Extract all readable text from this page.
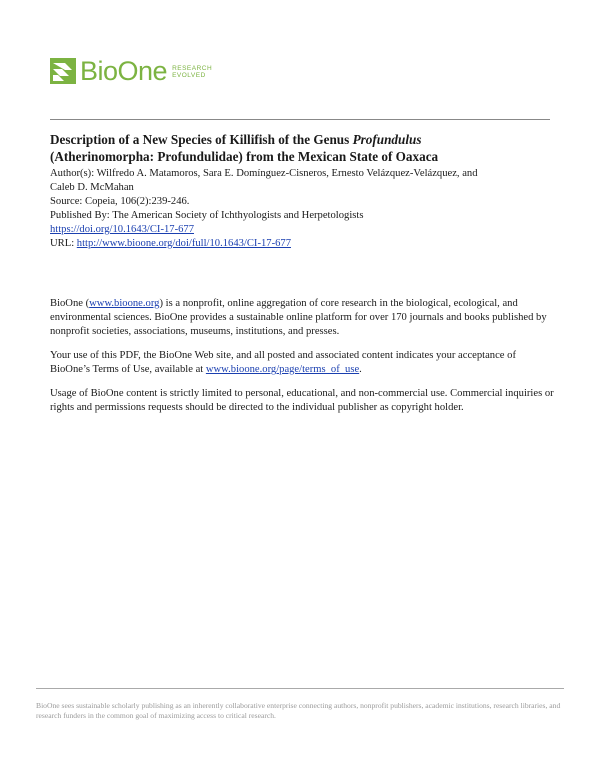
BioOne RESEARCH
EVOLVED
Description of a New Species of Killifish of the Genus Profundulus
(Atherinomorpha: Profundulidae) from the Mexican State of Oaxaca

Author(s): Wilfredo A. Matamoros, Sara E. Domínguez-Cisneros, Ernesto Velázquez-Velázquez, and
Caleb D. McMahan

Source: Copeia, 106(2):239-246.

Published By: The American Society of Ichthyologists and Herpetologists

https://doi.org/10.1643/CI-17-677

URL: http://www.bioone.org/doi/full/10.1643/CI-17-677

BioOne (www.bioone.org) is a nonprofit, online aggregation of core research in the biological, ecological, and environmental sciences. BioOne provides a sustainable online platform for over 170 journals and books published by nonprofit societies, associations, museums, institutions, and presses.

Your use of this PDF, the BioOne Web site, and all posted and associated content indicates your acceptance of BioOne’s Terms of Use, available at www.bioone.org/page/terms_of_use.

Usage of BioOne content is strictly limited to personal, educational, and non-commercial use. Commercial inquiries or rights and permissions requests should be directed to the individual publisher as copyright holder.

BioOne sees sustainable scholarly publishing as an inherently collaborative enterprise connecting authors, nonprofit publishers, academic institutions, research libraries, and research funders in the common goal of maximizing access to critical research.
